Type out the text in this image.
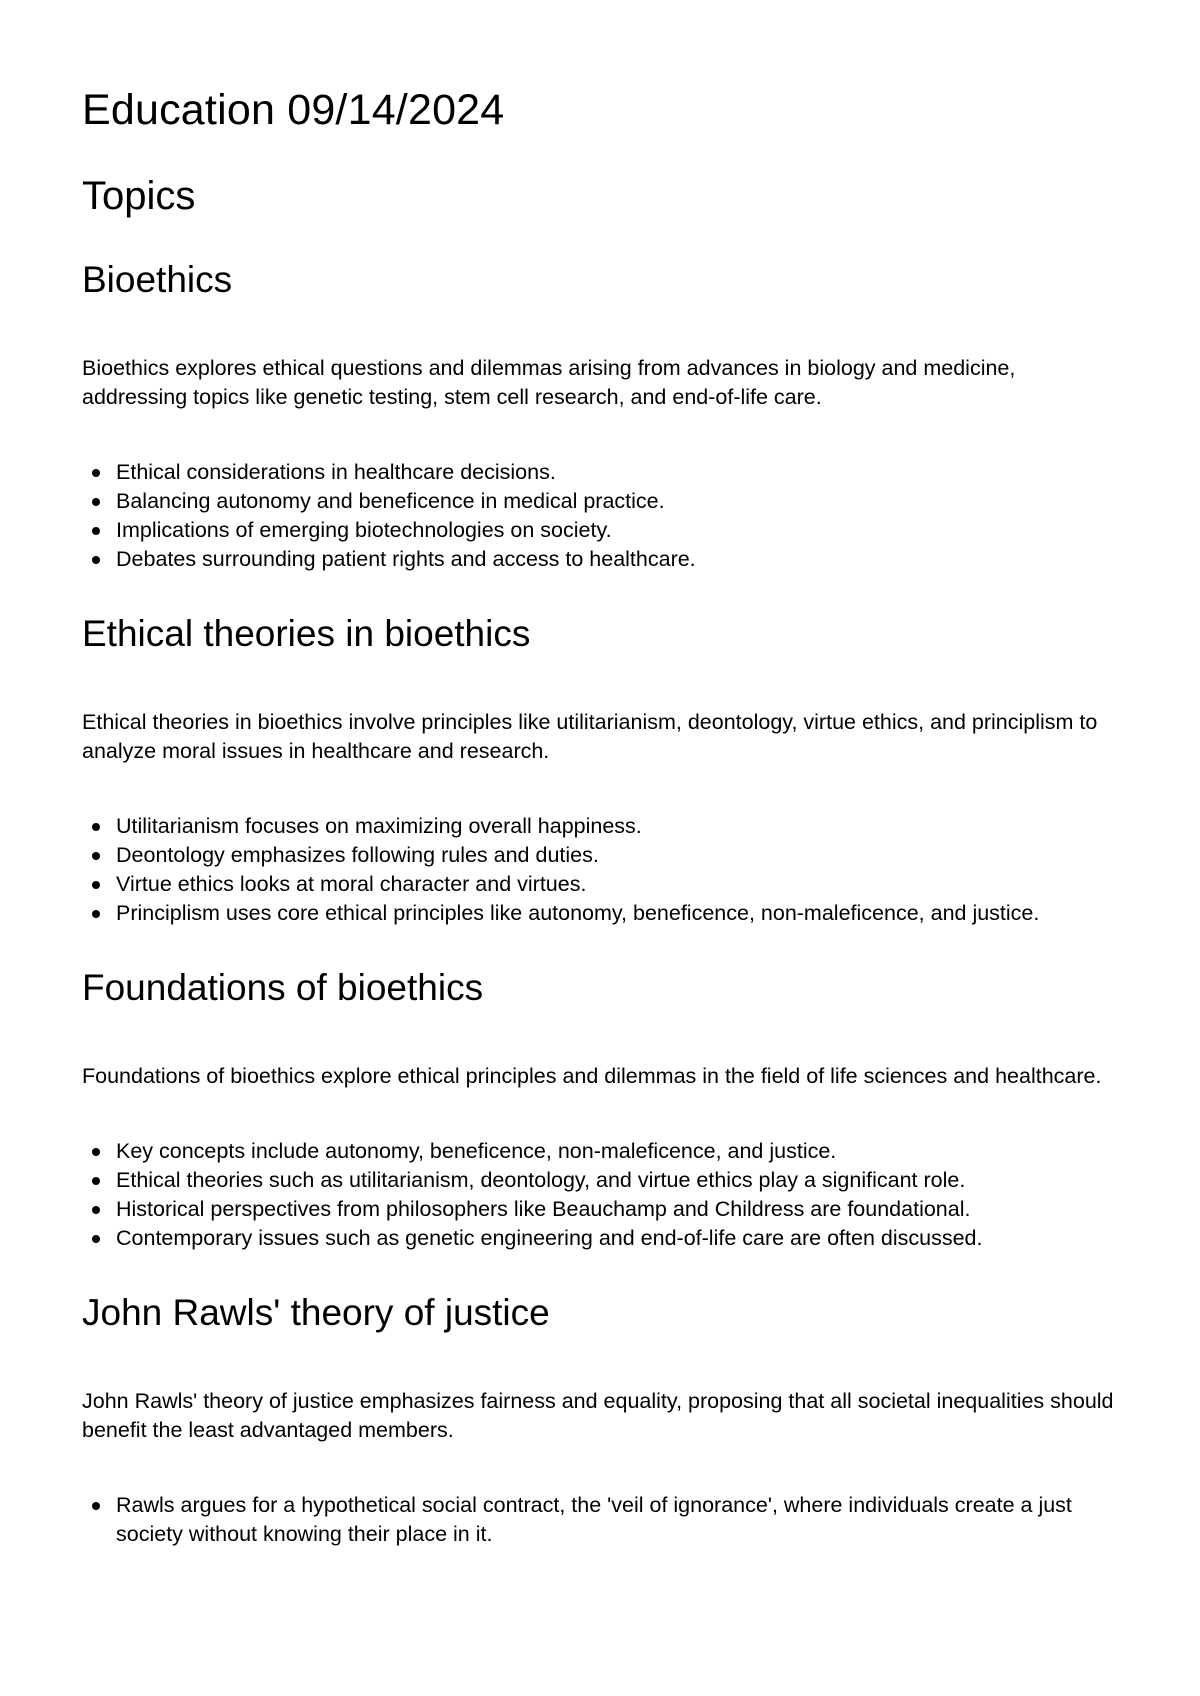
Education 09/14/2024
Topics
Bioethics

Bioethics explores ethical questions and dilemmas arising from advances in biology and medicine, addressing topics like genetic testing, stem cell research, and end-of-life care.

Ethical considerations in healthcare decisions.
Balancing autonomy and beneficence in medical practice.
Implications of emerging biotechnologies on society.
Debates surrounding patient rights and access to healthcare.
Ethical theories in bioethics

Ethical theories in bioethics involve principles like utilitarianism, deontology, virtue ethics, and principlism to analyze moral issues in healthcare and research.

Utilitarianism focuses on maximizing overall happiness.
Deontology emphasizes following rules and duties.
Virtue ethics looks at moral character and virtues.
Principlism uses core ethical principles like autonomy, beneficence, non-maleficence, and justice.
Foundations of bioethics

Foundations of bioethics explore ethical principles and dilemmas in the field of life sciences and healthcare.

Key concepts include autonomy, beneficence, non-maleficence, and justice.
Ethical theories such as utilitarianism, deontology, and virtue ethics play a significant role.
Historical perspectives from philosophers like Beauchamp and Childress are foundational.
Contemporary issues such as genetic engineering and end-of-life care are often discussed.
John Rawls' theory of justice

John Rawls' theory of justice emphasizes fairness and equality, proposing that all societal inequalities should benefit the least advantaged members.

Rawls argues for a hypothetical social contract, the 'veil of ignorance', where individuals create a just society without knowing their place in it.
